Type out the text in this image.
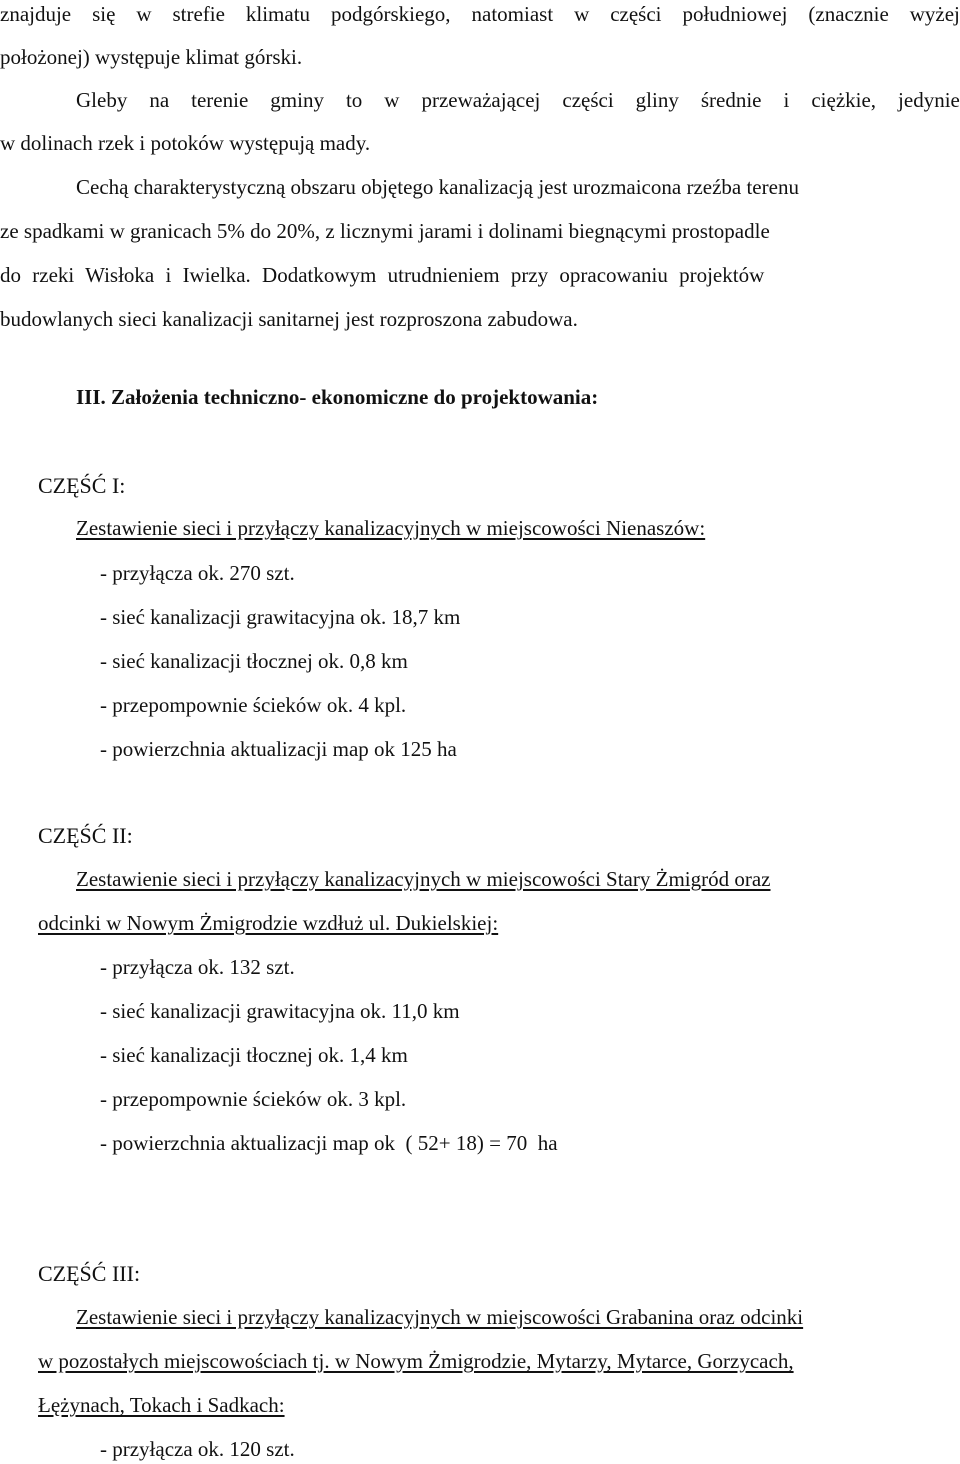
znajduje się w strefie klimatu podgórskiego, natomiast w części południowej (znacznie wyżej
położonej) występuje klimat górski.
Gleby na terenie gminy to w przeważającej części gliny średnie i ciężkie, jedynie
w dolinach rzek i potoków występują mady.
Cechą charakterystyczną obszaru objętego kanalizacją jest urozmaicona rzeźba terenu
ze spadkami w granicach 5% do 20%, z licznymi jarami i dolinami biegnącymi prostopadle
do rzeki Wisłoka i Iwielka. Dodatkowym utrudnieniem przy opracowaniu projektów
budowlanych sieci kanalizacji sanitarnej jest rozproszona zabudowa.
III. Założenia techniczno- ekonomiczne do projektowania:
CZĘŚĆ I:
Zestawienie sieci i przyłączy kanalizacyjnych w miejscowości Nienaszów:
- przyłącza ok. 270 szt.
- sieć kanalizacji grawitacyjna ok. 18,7 km
- sieć kanalizacji tłocznej ok. 0,8 km
- przepompownie ścieków ok. 4 kpl.
- powierzchnia aktualizacji map ok 125 ha
CZĘŚĆ II:
Zestawienie sieci i przyłączy kanalizacyjnych w miejscowości Stary Żmigród oraz
odcinki w Nowym Żmigrodzie wzdłuż ul. Dukielskiej:
- przyłącza ok. 132 szt.
- sieć kanalizacji grawitacyjna ok. 11,0 km
- sieć kanalizacji tłocznej ok. 1,4 km
- przepompownie ścieków ok. 3 kpl.
- powierzchnia aktualizacji map ok  ( 52+ 18) = 70  ha
CZĘŚĆ III:
Zestawienie sieci i przyłączy kanalizacyjnych w miejscowości Grabanina oraz odcinki
w pozostałych miejscowościach tj. w Nowym Żmigrodzie, Mytarzy, Mytarce, Gorzycach,
Łężynach, Tokach i Sadkach:
- przyłącza ok. 120 szt.
